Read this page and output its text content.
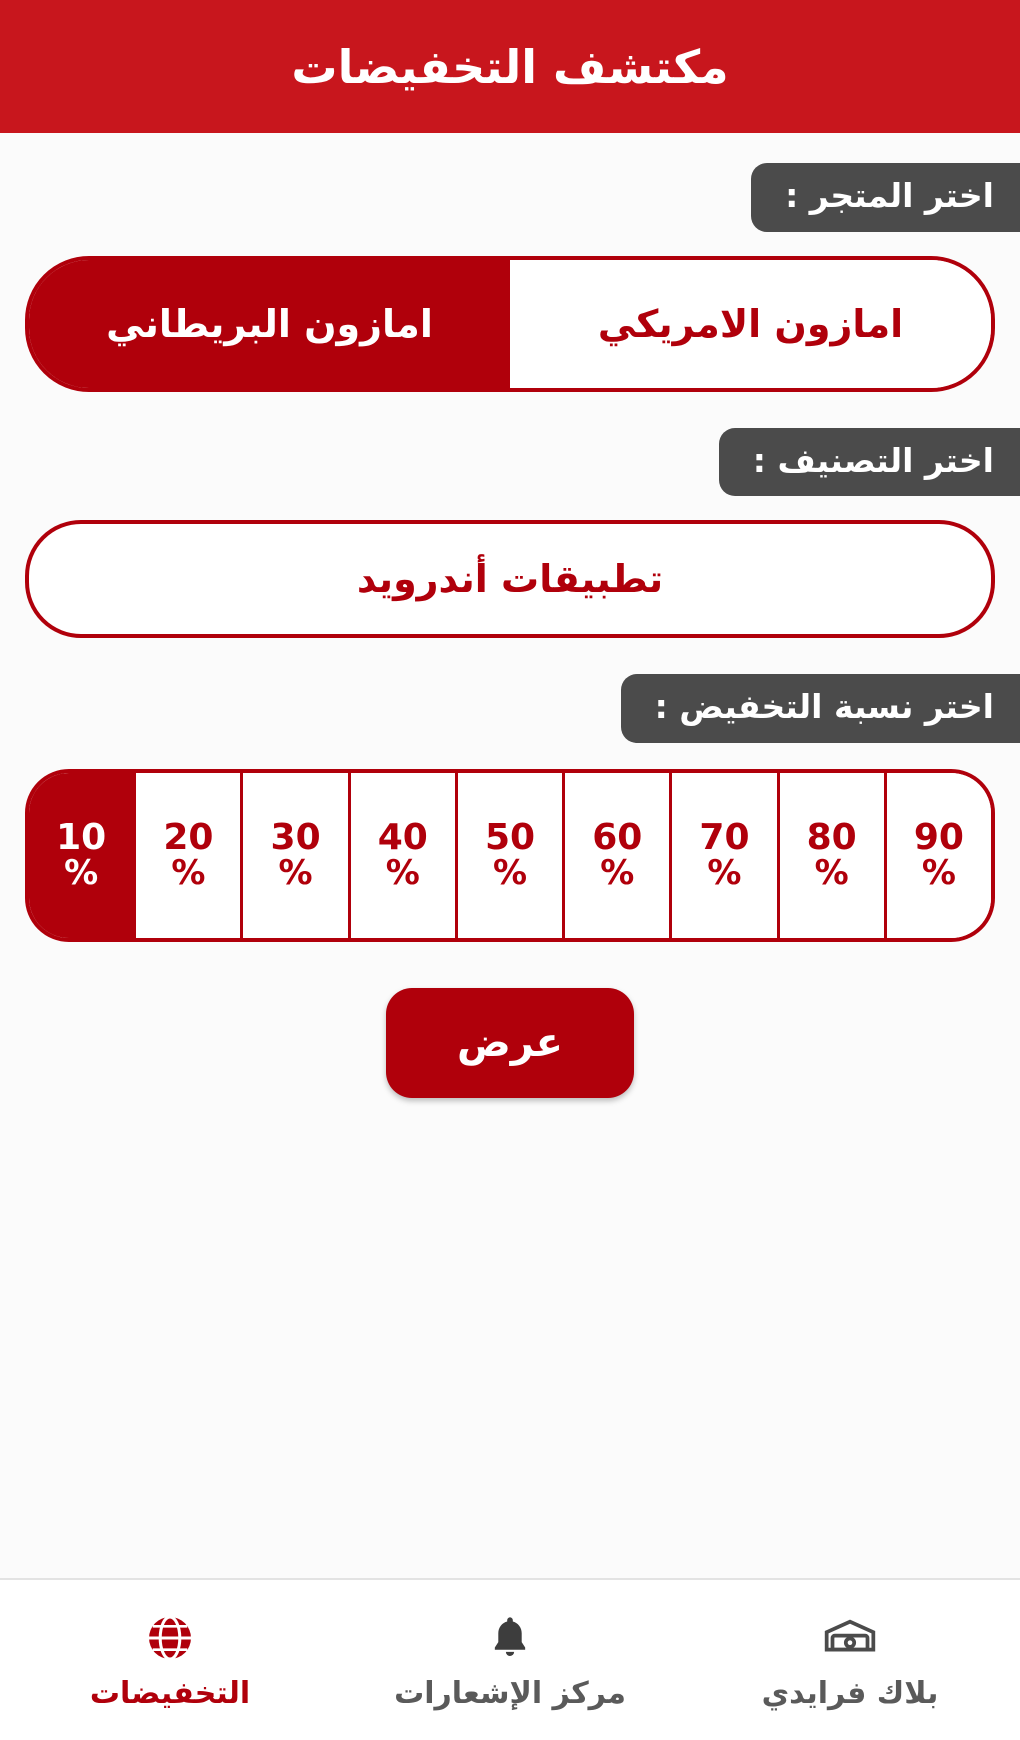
مكتشف التخفيضات
اختر المتجر :
امازون الامريكي
امازون البريطاني
اختر التصنيف :
تطبيقات أندرويد
اختر نسبة التخفيض :
90
%
80
%
70
%
60
%
50
%
40
%
30
%
20
%
10
%
عرض
بلاك فرايدي
مركز الإشعارات
التخفيضات
